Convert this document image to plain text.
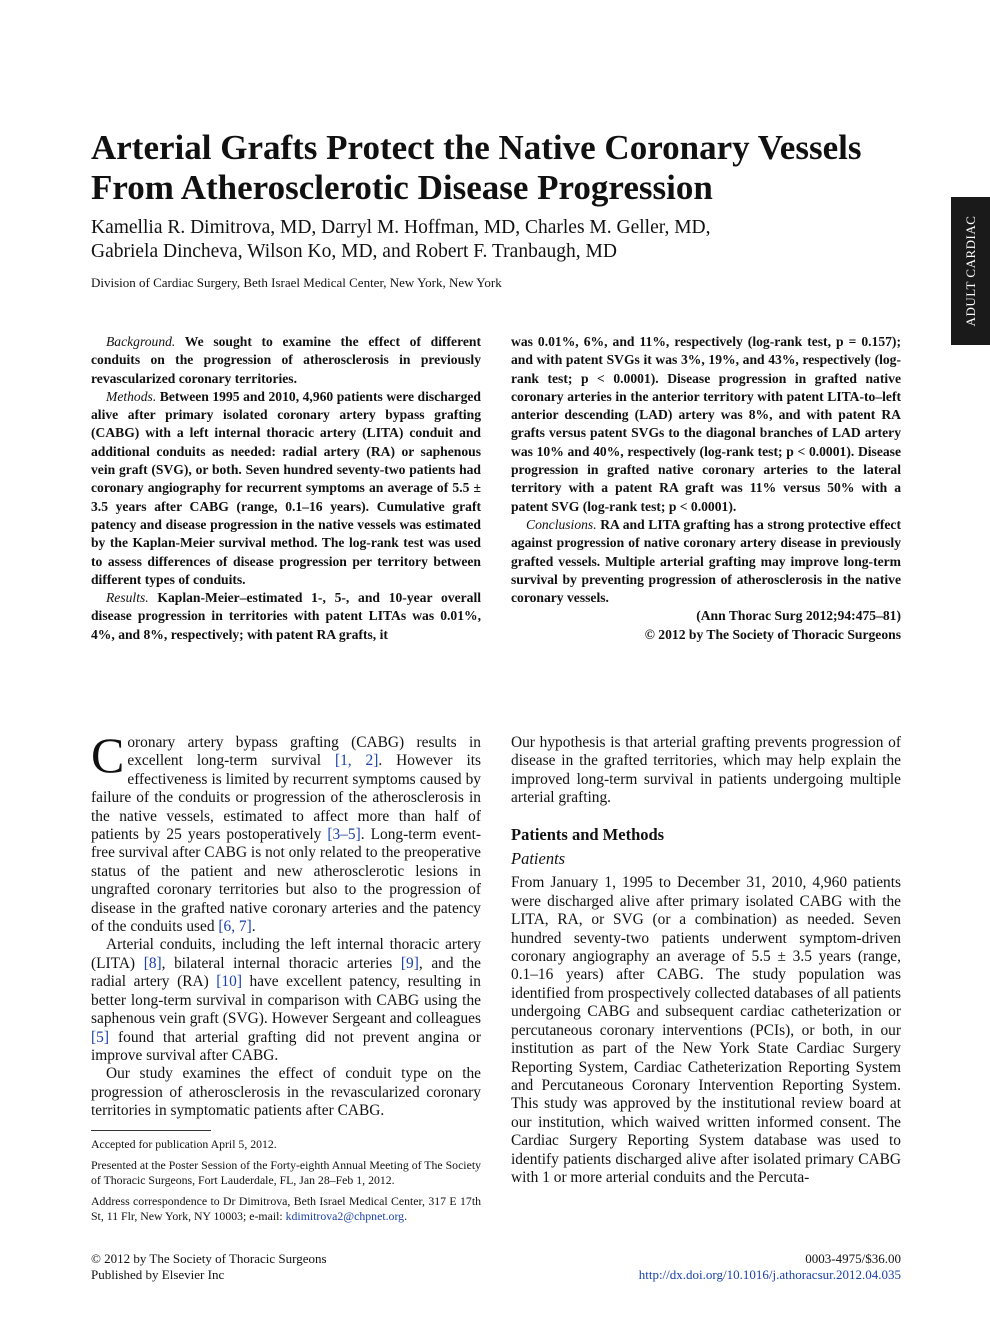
Arterial Grafts Protect the Native Coronary Vessels
From Atherosclerotic Disease Progression
Kamellia R. Dimitrova, MD, Darryl M. Hoffman, MD, Charles M. Geller, MD,
Gabriela Dincheva, Wilson Ko, MD, and Robert F. Tranbaugh, MD
Division of Cardiac Surgery, Beth Israel Medical Center, New York, New York	ADULT CARDIAC

Background. We sought to examine the effect of different conduits on the progression of atherosclerosis in previously revascularized coronary territories.

Methods. Between 1995 and 2010, 4,960 patients were discharged alive after primary isolated coronary artery bypass grafting (CABG) with a left internal thoracic artery (LITA) conduit and additional conduits as needed: radial artery (RA) or saphenous vein graft (SVG), or both. Seven hundred seventy-two patients had coronary angiography for recurrent symptoms an average of 5.5 ± 3.5 years after CABG (range, 0.1–16 years). Cumulative graft patency and disease progression in the native vessels was estimated by the Kaplan-Meier survival method. The log-rank test was used to assess differences of disease progression per territory between different types of conduits.

Results. Kaplan-Meier–estimated 1-, 5-, and 10-year overall disease progression in territories with patent LITAs was 0.01%, 4%, and 8%, respectively; with patent RA grafts, it

was 0.01%, 6%, and 11%, respectively (log-rank test, p = 0.157); and with patent SVGs it was 3%, 19%, and 43%, respectively (log-rank test; p < 0.0001). Disease progression in grafted native coronary arteries in the anterior territory with patent LITA-to–left anterior descending (LAD) artery was 8%, and with patent RA grafts versus patent SVGs to the diagonal branches of LAD artery was 10% and 40%, respectively (log-rank test; p < 0.0001). Disease progression in grafted native coronary arteries to the lateral territory with a patent RA graft was 11% versus 50% with a patent SVG (log-rank test; p < 0.0001).

Conclusions. RA and LITA grafting has a strong protective effect against progression of native coronary artery disease in previously grafted vessels. Multiple arterial grafting may improve long-term survival by preventing progression of atherosclerosis in the native coronary vessels.

(Ann Thorac Surg 2012;94:475–81)
© 2012 by The Society of Thoracic Surgeons

Coronary artery bypass grafting (CABG) results in excellent long-term survival [1, 2]. However its effectiveness is limited by recurrent symptoms caused by failure of the conduits or progression of the atherosclerosis in the native vessels, estimated to affect more than half of patients by 25 years postoperatively [3–5]. Long-term event-free survival after CABG is not only related to the preoperative status of the patient and new atherosclerotic lesions in ungrafted coronary territories but also to the progression of disease in the grafted native coronary arteries and the patency of the conduits used [6, 7].

Arterial conduits, including the left internal thoracic artery (LITA) [8], bilateral internal thoracic arteries [9], and the radial artery (RA) [10] have excellent patency, resulting in better long-term survival in comparison with CABG using the saphenous vein graft (SVG). However Sergeant and colleagues [5] found that arterial grafting did not prevent angina or improve survival after CABG.

Our study examines the effect of conduit type on the progression of atherosclerosis in the revascularized coronary territories in symptomatic patients after CABG.

Our hypothesis is that arterial grafting prevents progression of disease in the grafted territories, which may help explain the improved long-term survival in patients undergoing multiple arterial grafting.

Patients and Methods
Patients

From January 1, 1995 to December 31, 2010, 4,960 patients were discharged alive after primary isolated CABG with the LITA, RA, or SVG (or a combination) as needed. Seven hundred seventy-two patients underwent symptom-driven coronary angiography an average of 5.5 ± 3.5 years (range, 0.1–16 years) after CABG. The study population was identified from prospectively collected databases of all patients undergoing CABG and subsequent cardiac catheterization or percutaneous coronary interventions (PCIs), or both, in our institution as part of the New York State Cardiac Surgery Reporting System, Cardiac Catheterization Reporting System and Percutaneous Coronary Intervention Reporting System. This study was approved by the institutional review board at our institution, which waived written informed consent. The Cardiac Surgery Reporting System database was used to identify patients discharged alive after isolated primary CABG with 1 or more arterial conduits and the Percuta-

Accepted for publication April 5, 2012.

Presented at the Poster Session of the Forty-eighth Annual Meeting of The Society of Thoracic Surgeons, Fort Lauderdale, FL, Jan 28–Feb 1, 2012.

Address correspondence to Dr Dimitrova, Beth Israel Medical Center, 317 E 17th St, 11 Flr, New York, NY 10003; e-mail: kdimitrova2@chpnet.org.

© 2012 by The Society of Thoracic Surgeons
Published by Elsevier Inc
0003-4975/$36.00
http://dx.doi.org/10.1016/j.athoracsur.2012.04.035
